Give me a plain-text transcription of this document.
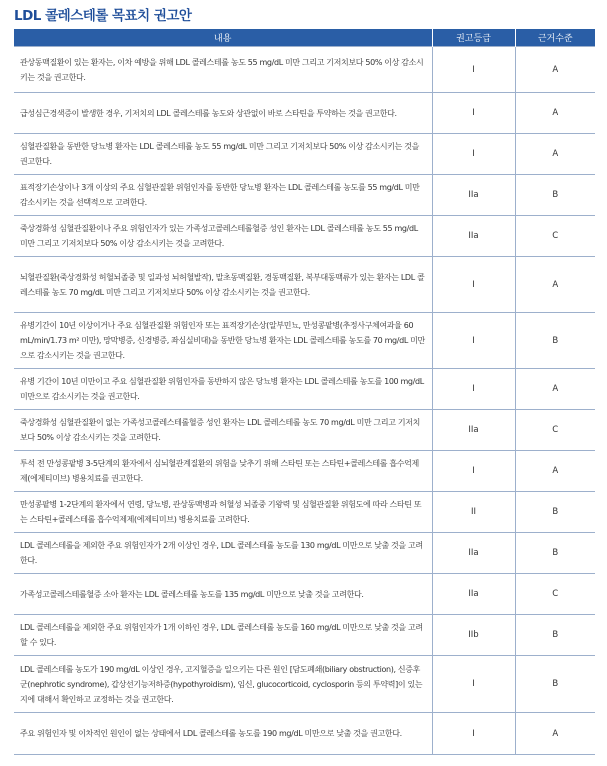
LDL 콜레스테롤 목표치 권고안
내용	권고등급	근거수준

관상동맥질환이 있는 환자는, 이차 예방을 위해 LDL 콜레스테롤 농도 55 mg/dL 미만 그리고 기저치보다 50% 이상 감소시키는 것을 권고한다.	I	A

급성심근경색증이 발생한 경우, 기저치의 LDL 콜레스테롤 농도와 상관없이 바로 스타틴을 투약하는 것을 권고한다.	I	A

심혈관질환을 동반한 당뇨병 환자는 LDL 콜레스테롤 농도 55 mg/dL 미만 그리고 기저치보다 50% 이상 감소시키는 것을 권고한다.	I	A

표적장기손상이나 3개 이상의 주요 심혈관질환 위험인자를 동반한 당뇨병 환자는 LDL 콜레스테롤 농도를 55 mg/dL 미만 감소시키는 것을 선택적으로 고려한다.	IIa	B

죽상경화성 심혈관질환이나 주요 위험인자가 있는 가족성고콜레스테롤혈증 성인 환자는 LDL 콜레스테롤 농도 55 mg/dL 미만 그리고 기저치보다 50% 이상 감소시키는 것을 고려한다.	IIa	C

뇌혈관질환(죽상경화성 허혈뇌졸중 및 일과성 뇌허혈발작), 말초동맥질환, 경동맥질환, 복부대동맥류가 있는 환자는 LDL 콜레스테롤 농도 70 mg/dL 미만 그리고 기저치보다 50% 이상 감소시키는 것을 권고한다.	I	A

유병기간이 10년 이상이거나 주요 심혈관질환 위험인자 또는 표적장기손상(알부민뇨, 만성콩팥병(추정사구체여과율 60 mL/min/1.73 m² 미만), 망막병증, 신경병증, 좌심실비대)을 동반한 당뇨병 환자는 LDL 콜레스테롤 농도를 70 mg/dL 미만으로 감소시키는 것을 권고한다.	I	B

유병 기간이 10년 미만이고 주요 심혈관질환 위험인자를 동반하지 않은 당뇨병 환자는 LDL 콜레스테롤 농도를 100 mg/dL 미만으로 감소시키는 것을 권고한다.	I	A

죽상경화성 심혈관질환이 없는 가족성고콜레스테롤혈증 성인 환자는 LDL 콜레스테롤 농도 70 mg/dL 미만 그리고 기저치보다 50% 이상 감소시키는 것을 고려한다.	IIa	C

투석 전 만성콩팥병 3-5단계의 환자에서 심뇌혈관계질환의 위험을 낮추기 위해 스타틴 또는 스타틴+콜레스테롤 흡수억제제(에제티미브) 병용치료를 권고한다.	I	A

만성콩팥병 1-2단계의 환자에서 연령, 당뇨병, 관상동맥병과 허혈성 뇌졸중 기왕력 및 심혈관질환 위험도에 따라 스타틴 또는 스타틴+콜레스테롤 흡수억제제(에제티미브) 병용치료를 고려한다.	II	B

LDL 콜레스테롤을 제외한 주요 위험인자가 2개 이상인 경우, LDL 콜레스테롤 농도를 130 mg/dL 미만으로 낮출 것을 고려한다.	IIa	B

가족성고콜레스테롤혈증 소아 환자는 LDL 콜레스테롤 농도를 135 mg/dL 미만으로 낮출 것을 고려한다.	IIa	C

LDL 콜레스테롤을 제외한 주요 위험인자가 1개 이하인 경우, LDL 콜레스테롤 농도를 160 mg/dL 미만으로 낮출 것을 고려할 수 있다.	IIb	B

LDL 콜레스테롤 농도가 190 mg/dL 이상인 경우, 고지혈증을 일으키는 다른 원인 [담도폐쇄(biliary obstruction), 신증후군(nephrotic syndrome), 갑상선기능저하증(hypothyroidism), 임신, glucocorticoid, cyclosporin 등의 투약력]이 있는지에 대해서 확인하고 교정하는 것을 권고한다.	I	B

주요 위험인자 및 이차적인 원인이 없는 상태에서 LDL 콜레스테롤 농도를 190 mg/dL 미만으로 낮출 것을 권고한다.	I	A
